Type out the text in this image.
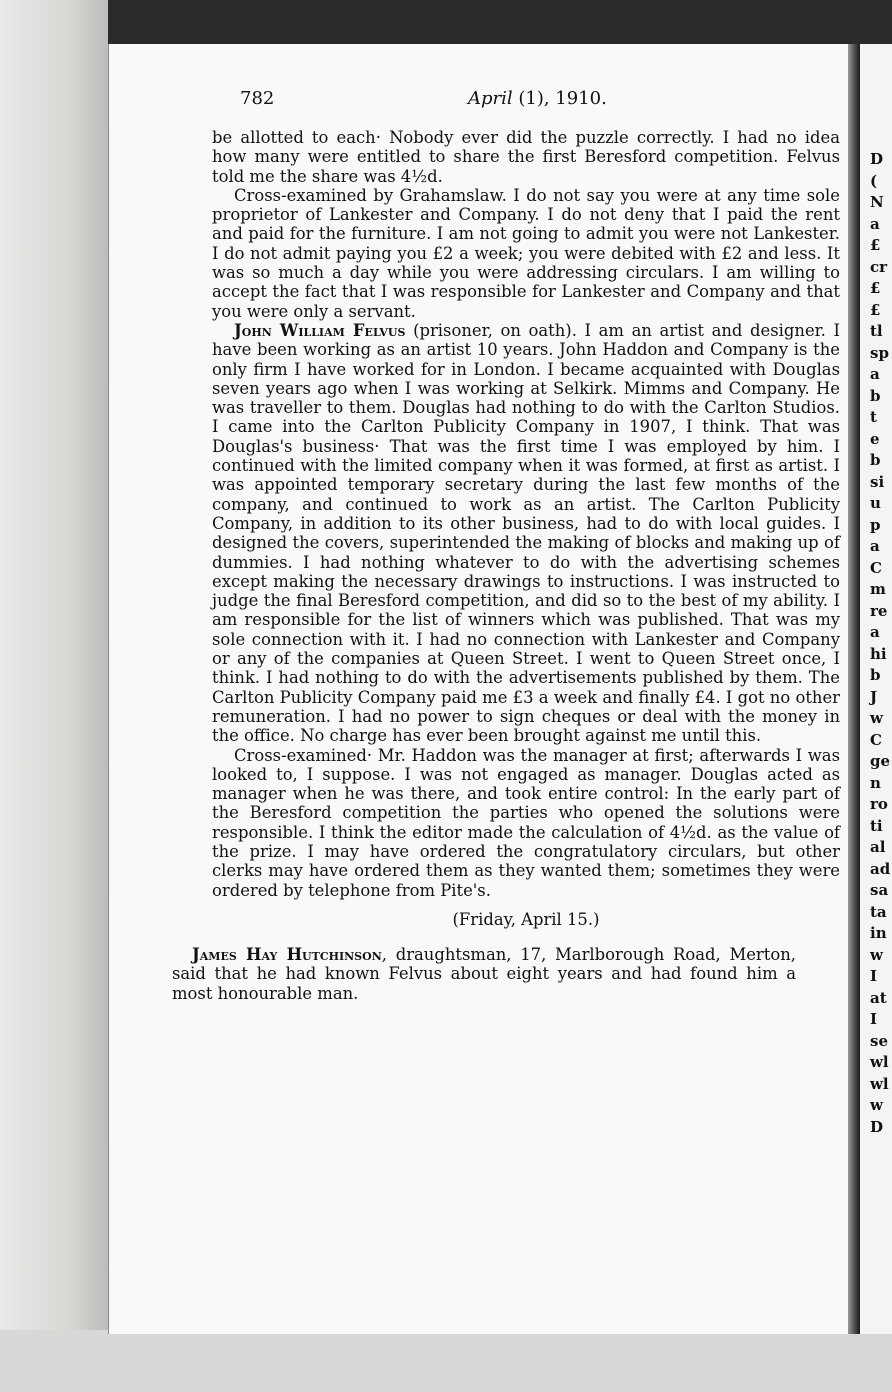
D
(
N
a
£
cr
£
£
tl
sp
a
b
t
e
b
si
u
p
a
C
m
re
a
hi
b
J
w
C
ge
n
ro
ti
al
ad
sa
ta
in
w
I
at
I
se
wl
wl
w
D
782	April (1), 1910.

be allotted to each· Nobody ever did the puzzle correctly. I had no idea how many were entitled to share the first Beresford competition. Felvus told me the share was 4½d.

Cross-examined by Grahamslaw. I do not say you were at any time sole proprietor of Lankester and Company. I do not deny that I paid the rent and paid for the furniture. I am not going to admit you were not Lankester. I do not admit paying you £2 a week; you were debited with £2 and less. It was so much a day while you were addressing circulars. I am willing to accept the fact that I was responsible for Lankester and Company and that you were only a servant.

John William Felvus (prisoner, on oath). I am an artist and designer. I have been working as an artist 10 years. John Haddon and Company is the only firm I have worked for in London. I became acquainted with Douglas seven years ago when I was working at Selkirk. Mimms and Company. He was traveller to them. Douglas had nothing to do with the Carlton Studios. I came into the Carlton Publicity Company in 1907, I think. That was Douglas's business· That was the first time I was employed by him. I continued with the limited company when it was formed, at first as artist. I was appointed temporary secretary during the last few months of the company, and continued to work as an artist. The Carlton Publicity Company, in addition to its other business, had to do with local guides. I designed the covers, superintended the making of blocks and making up of dummies. I had nothing whatever to do with the advertising schemes except making the necessary drawings to instructions. I was instructed to judge the final Beresford competition, and did so to the best of my ability. I am responsible for the list of winners which was published. That was my sole connection with it. I had no connection with Lankester and Company or any of the companies at Queen Street. I went to Queen Street once, I think. I had nothing to do with the advertisements published by them. The Carlton Publicity Company paid me £3 a week and finally £4. I got no other remuneration. I had no power to sign cheques or deal with the money in the office. No charge has ever been brought against me until this.

Cross-examined· Mr. Haddon was the manager at first; afterwards I was looked to, I suppose. I was not engaged as manager. Douglas acted as manager when he was there, and took entire control: In the early part of the Beresford competition the parties who opened the solutions were responsible. I think the editor made the calculation of 4½d. as the value of the prize. I may have ordered the congratulatory circulars, but other clerks may have ordered them as they wanted them; sometimes they were ordered by telephone from Pite's.

(Friday, April 15.)

James Hay Hutchinson, draughtsman, 17, Marlborough Road, Merton, said that he had known Felvus about eight years and had found him a most honourable man.
